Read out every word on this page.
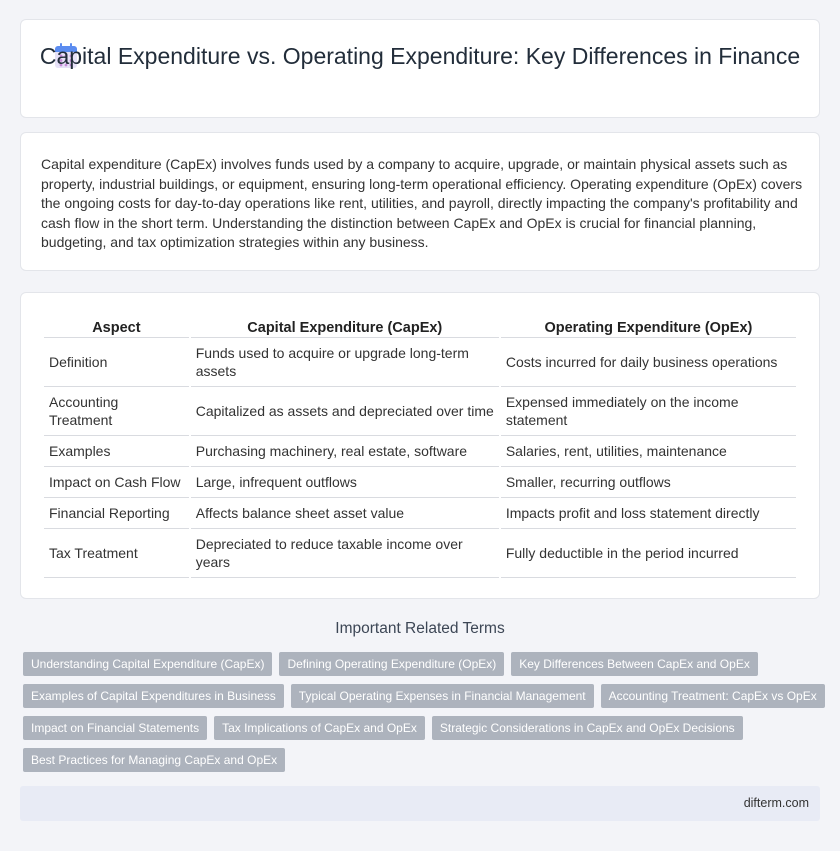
Capital Expenditure vs. Operating Expenditure: Key Differences in Finance

Capital expenditure (CapEx) involves funds used by a company to acquire, upgrade, or maintain physical assets such as property, industrial buildings, or equipment, ensuring long-term operational efficiency. Operating expenditure (OpEx) covers the ongoing costs for day-to-day operations like rent, utilities, and payroll, directly impacting the company's profitability and cash flow in the short term. Understanding the distinction between CapEx and OpEx is crucial for financial planning, budgeting, and tax optimization strategies within any business.

Aspect	Capital Expenditure (CapEx)	Operating Expenditure (OpEx)
Definition	Funds used to acquire or upgrade long-term assets	Costs incurred for daily business operations
Accounting Treatment	Capitalized as assets and depreciated over time	Expensed immediately on the income statement
Examples	Purchasing machinery, real estate, software	Salaries, rent, utilities, maintenance
Impact on Cash Flow	Large, infrequent outflows	Smaller, recurring outflows
Financial Reporting	Affects balance sheet asset value	Impacts profit and loss statement directly
Tax Treatment	Depreciated to reduce taxable income over years	Fully deductible in the period incurred
Important Related Terms
Understanding Capital Expenditure (CapEx)	Defining Operating Expenditure (OpEx)	Key Differences Between CapEx and OpEx
Examples of Capital Expenditures in Business	Typical Operating Expenses in Financial Management	Accounting Treatment: CapEx vs OpEx
Impact on Financial Statements	Tax Implications of CapEx and OpEx	Strategic Considerations in CapEx and OpEx Decisions
Best Practices for Managing CapEx and OpEx
difterm.com
